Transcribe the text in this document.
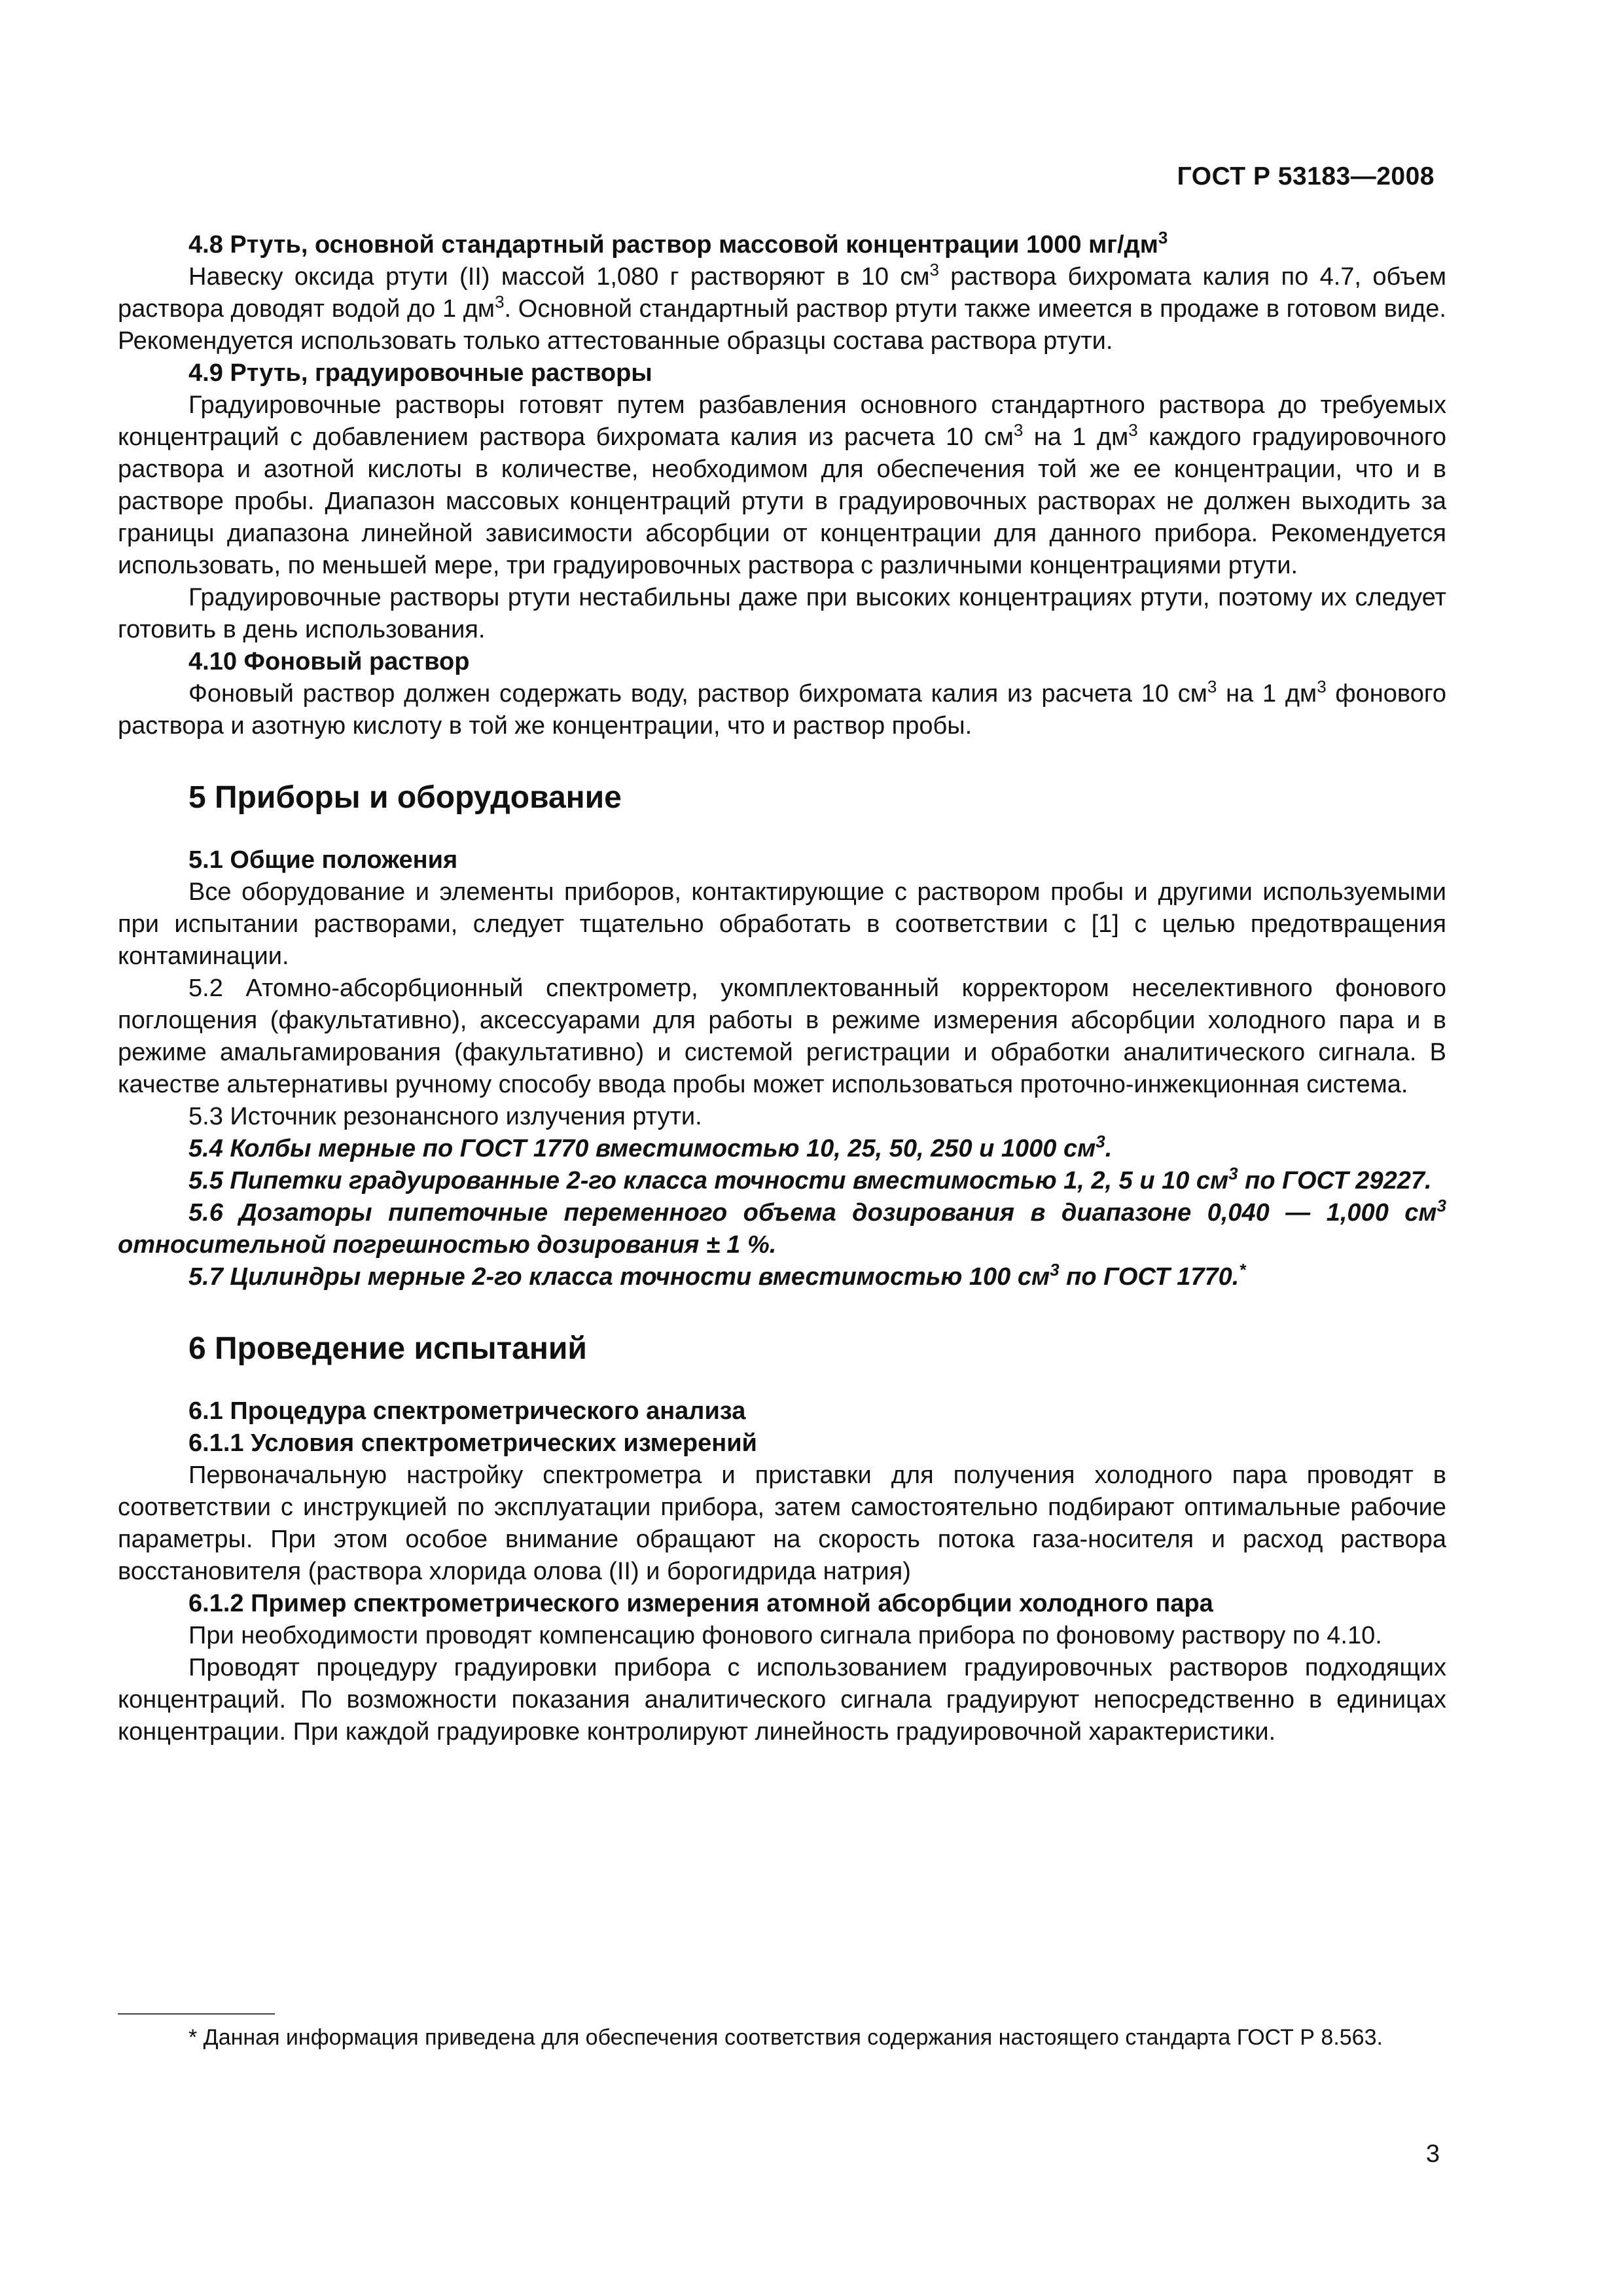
ГОСТ Р 53183—2008
4.8 Ртуть, основной стандартный раствор массовой концентрации 1000 $мг/дм^3$

Навеску оксида ртути (II) массой 1,080 г растворяют в 10 $см^3$ раствора бихромата калия по 4.7, объем раствора доводят водой до 1 $дм^3$. Основной стандартный раствор ртути также имеется в продаже в готовом виде. Рекомендуется использовать только аттестованные образцы состава раствора ртути.

4.9 Ртуть, градуировочные растворы

Градуировочные растворы готовят путем разбавления основного стандартного раствора до требуемых концентраций с добавлением раствора бихромата калия из расчета 10 $см^3$ на 1 $дм^3$ каждого градуировочного раствора и азотной кислоты в количестве, необходимом для обеспечения той же ее концентрации, что и в растворе пробы. Диапазон массовых концентраций ртути в градуировочных растворах не должен выходить за границы диапазона линейной зависимости абсорбции от концентрации для данного прибора. Рекомендуется использовать, по меньшей мере, три градуировочных раствора с различными концентрациями ртути.

Градуировочные растворы ртути нестабильны даже при высоких концентрациях ртути, поэтому их следует готовить в день использования.

4.10 Фоновый раствор

Фоновый раствор должен содержать воду, раствор бихромата калия из расчета 10 $см^3$ на 1 $дм^3$ фонового раствора и азотную кислоту в той же концентрации, что и раствор пробы.

5 Приборы и оборудование
5.1 Общие положения

Все оборудование и элементы приборов, контактирующие с раствором пробы и другими используемыми при испытании растворами, следует тщательно обработать в соответствии с [1] с целью предотвращения контаминации.

5.2 Атомно-абсорбционный спектрометр, укомплектованный корректором неселективного фонового поглощения (факультативно), аксессуарами для работы в режиме измерения абсорбции холодного пара и в режиме амальгамирования (факультативно) и системой регистрации и обработки аналитического сигнала. В качестве альтернативы ручному способу ввода пробы может использоваться проточно-инжекционная система.

5.3 Источник резонансного излучения ртути.

5.4 Колбы мерные по ГОСТ 1770 вместимостью 10, 25, 50, 250 и 1000 $см^3$.

5.5 Пипетки градуированные 2-го класса точности вместимостью 1, 2, 5 и 10 $см^3$ по ГОСТ 29227.

5.6 Дозаторы пипеточные переменного объема дозирования в диапазоне 0,040 — 1,000 $см^3$ относительной погрешностью дозирования ± 1 %.

5.7 Цилиндры мерные 2-го класса точности вместимостью 100 $см^3$ по ГОСТ 1770.*

6 Проведение испытаний
6.1 Процедура спектрометрического анализа
6.1.1 Условия спектрометрических измерений

Первоначальную настройку спектрометра и приставки для получения холодного пара проводят в соответствии с инструкцией по эксплуатации прибора, затем самостоятельно подбирают оптимальные рабочие параметры. При этом особое внимание обращают на скорость потока газа-носителя и расход раствора восстановителя (раствора хлорида олова (II) и борогидрида натрия)

6.1.2 Пример спектрометрического измерения атомной абсорбции холодного пара

При необходимости проводят компенсацию фонового сигнала прибора по фоновому раствору по 4.10.

Проводят процедуру градуировки прибора с использованием градуировочных растворов подходящих концентраций. По возможности показания аналитического сигнала градуируют непосредственно в единицах концентрации. При каждой градуировке контролируют линейность градуировочной характеристики.

* Данная информация приведена для обеспечения соответствия содержания настоящего стандарта ГОСТ Р 8.563.
3
